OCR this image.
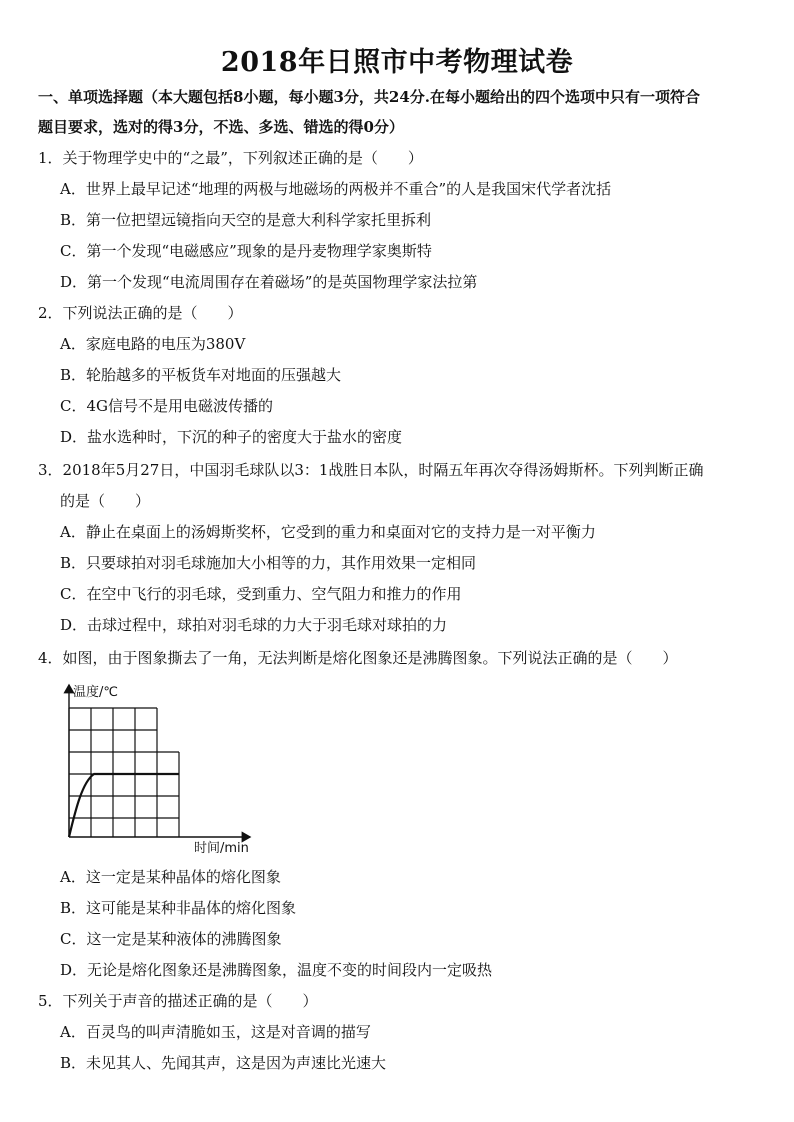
2018年日照市中考物理试卷
一、单项选择题（本大题包括8小题，每小题3分，共24分.在每小题给出的四个选项中只有一项符合
题目要求，选对的得3分，不选、多选、错选的得0分）
1．关于物理学史中的“之最”，下列叙述正确的是（　　）
A．世界上最早记述“地理的两极与地磁场的两极并不重合”的人是我国宋代学者沈括
B．第一位把望远镜指向天空的是意大利科学家托里拆利
C．第一个发现“电磁感应”现象的是丹麦物理学家奥斯特
D．第一个发现“电流周围存在着磁场”的是英国物理学家法拉第
2．下列说法正确的是（　　）
A．家庭电路的电压为380V
B．轮胎越多的平板货车对地面的压强越大
C．4G信号不是用电磁波传播的
D．盐水选种时，下沉的种子的密度大于盐水的密度
3．2018年5月27日，中国羽毛球队以3：1战胜日本队，时隔五年再次夺得汤姆斯杯。下列判断正确
的是（　　）
A．静止在桌面上的汤姆斯奖杯，它受到的重力和桌面对它的支持力是一对平衡力
B．只要球拍对羽毛球施加大小相等的力，其作用效果一定相同
C．在空中飞行的羽毛球，受到重力、空气阻力和推力的作用
D．击球过程中，球拍对羽毛球的力大于羽毛球对球拍的力
4．如图，由于图象撕去了一角，无法判断是熔化图象还是沸腾图象。下列说法正确的是（　　）
温度/℃
时间/min
A．这一定是某种晶体的熔化图象
B．这可能是某种非晶体的熔化图象
C．这一定是某种液体的沸腾图象
D．无论是熔化图象还是沸腾图象，温度不变的时间段内一定吸热
5．下列关于声音的描述正确的是（　　）
A．百灵鸟的叫声清脆如玉，这是对音调的描写
B．未见其人、先闻其声，这是因为声速比光速大
